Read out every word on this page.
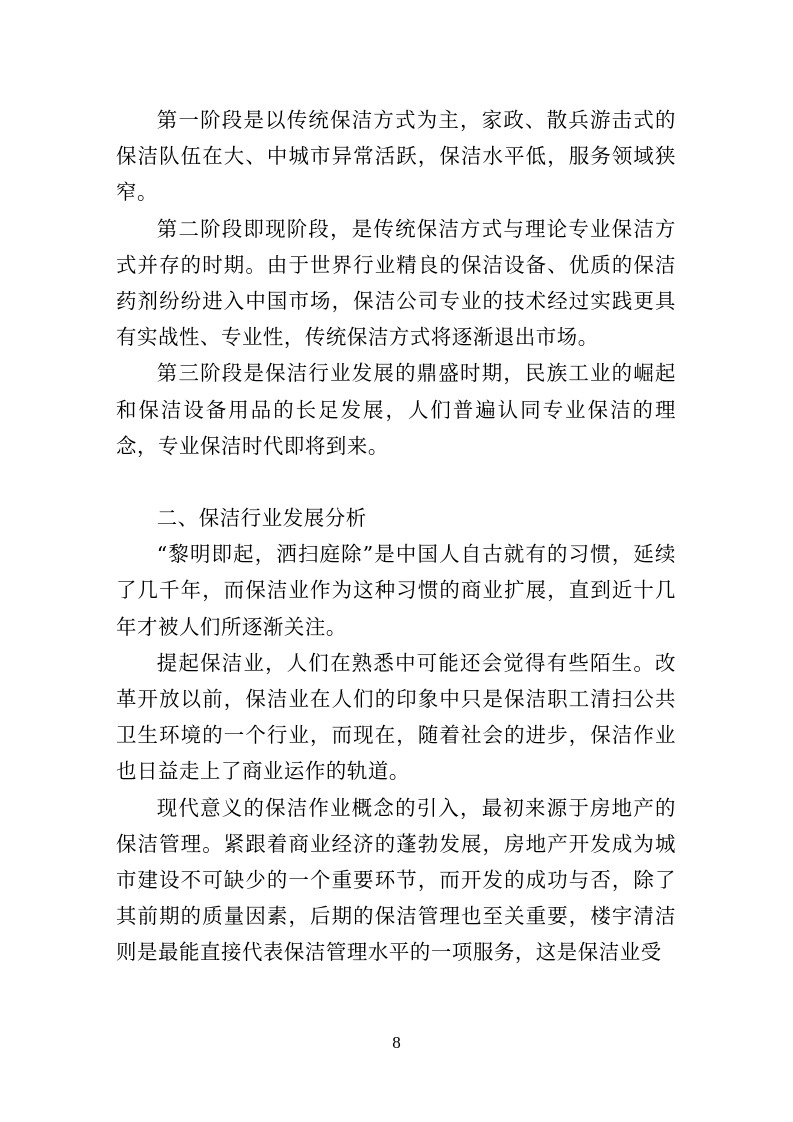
第一阶段是以传统保洁方式为主，家政、散兵游击式的保洁队伍在大、中城市异常活跃，保洁水平低，服务领域狭窄。

第二阶段即现阶段，是传统保洁方式与理论专业保洁方式并存的时期。由于世界行业精良的保洁设备、优质的保洁药剂纷纷进入中国市场，保洁公司专业的技术经过实践更具有实战性、专业性，传统保洁方式将逐渐退出市场。

第三阶段是保洁行业发展的鼎盛时期，民族工业的崛起和保洁设备用品的长足发展，人们普遍认同专业保洁的理念，专业保洁时代即将到来。

二、保洁行业发展分析

“黎明即起，洒扫庭除”是中国人自古就有的习惯，延续了几千年，而保洁业作为这种习惯的商业扩展，直到近十几年才被人们所逐渐关注。

提起保洁业，人们在熟悉中可能还会觉得有些陌生。改革开放以前，保洁业在人们的印象中只是保洁职工清扫公共卫生环境的一个行业，而现在，随着社会的进步，保洁作业也日益走上了商业运作的轨道。

现代意义的保洁作业概念的引入，最初来源于房地产的保洁管理。紧跟着商业经济的蓬勃发展，房地产开发成为城市建设不可缺少的一个重要环节，而开发的成功与否，除了其前期的质量因素，后期的保洁管理也至关重要，楼宇清洁则是最能直接代表保洁管理水平的一项服务，这是保洁业受

8
